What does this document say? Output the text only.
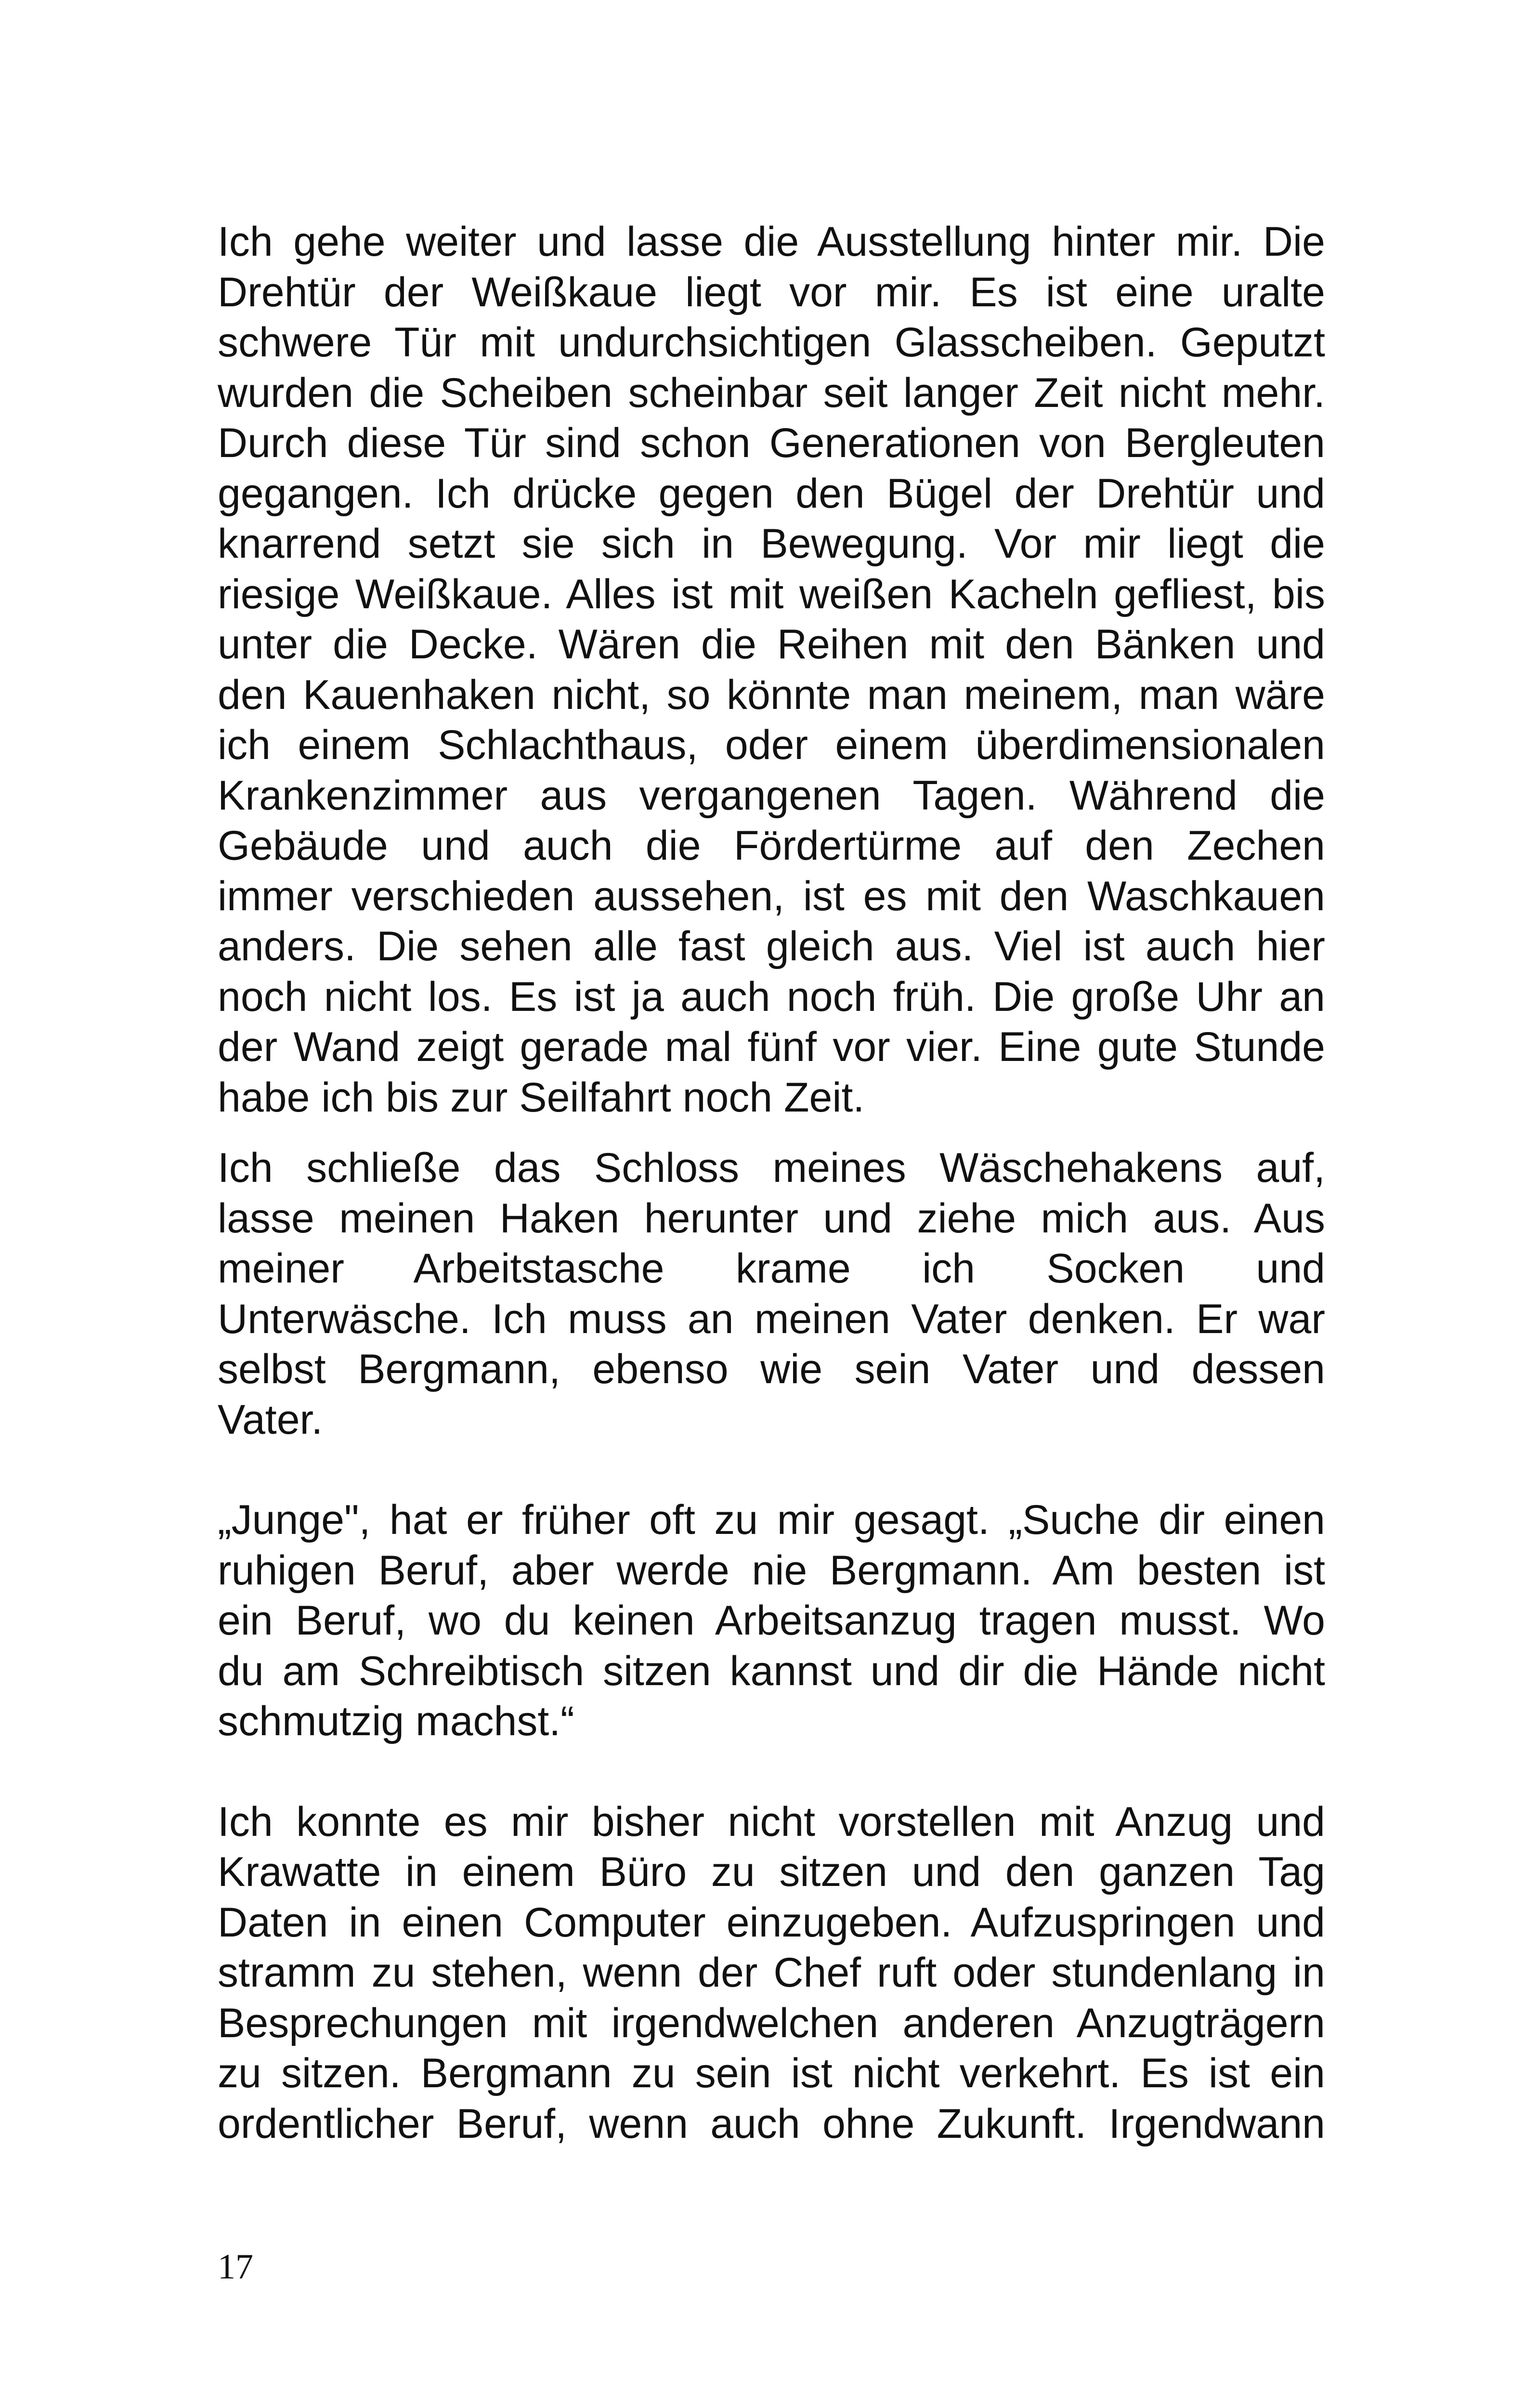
Ich gehe weiter und lasse die Ausstellung hinter mir. Die
Drehtür der Weißkaue liegt vor mir. Es ist eine uralte
schwere Tür mit undurchsichtigen Glasscheiben. Geputzt
wurden die Scheiben scheinbar seit langer Zeit nicht mehr.
Durch diese Tür sind schon Generationen von Bergleuten
gegangen. Ich drücke gegen den Bügel der Drehtür und
knarrend setzt sie sich in Bewegung. Vor mir liegt die
riesige Weißkaue. Alles ist mit weißen Kacheln gefliest, bis
unter die Decke. Wären die Reihen mit den Bänken und
den Kauenhaken nicht, so könnte man meinem, man wäre
ich einem Schlachthaus, oder einem überdimensionalen
Krankenzimmer aus vergangenen Tagen. Während die
Gebäude und auch die Fördertürme auf den Zechen
immer verschieden aussehen, ist es mit den Waschkauen
anders. Die sehen alle fast gleich aus. Viel ist auch hier
noch nicht los. Es ist ja auch noch früh. Die große Uhr an
der Wand zeigt gerade mal fünf vor vier. Eine gute Stunde
habe ich bis zur Seilfahrt noch Zeit.

Ich schließe das Schloss meines Wäschehakens auf,
lasse meinen Haken herunter und ziehe mich aus. Aus
meiner Arbeitstasche krame ich Socken und
Unterwäsche. Ich muss an meinen Vater denken. Er war
selbst Bergmann, ebenso wie sein Vater und dessen
Vater.

„Junge", hat er früher oft zu mir gesagt. „Suche dir einen
ruhigen Beruf, aber werde nie Bergmann. Am besten ist
ein Beruf, wo du keinen Arbeitsanzug tragen musst. Wo
du am Schreibtisch sitzen kannst und dir die Hände nicht
schmutzig machst.“

Ich konnte es mir bisher nicht vorstellen mit Anzug und
Krawatte in einem Büro zu sitzen und den ganzen Tag
Daten in einen Computer einzugeben. Aufzuspringen und
stramm zu stehen, wenn der Chef ruft oder stundenlang in
Besprechungen mit irgendwelchen anderen Anzugträgern
zu sitzen. Bergmann zu sein ist nicht verkehrt. Es ist ein
ordentlicher Beruf, wenn auch ohne Zukunft. Irgendwann

17
